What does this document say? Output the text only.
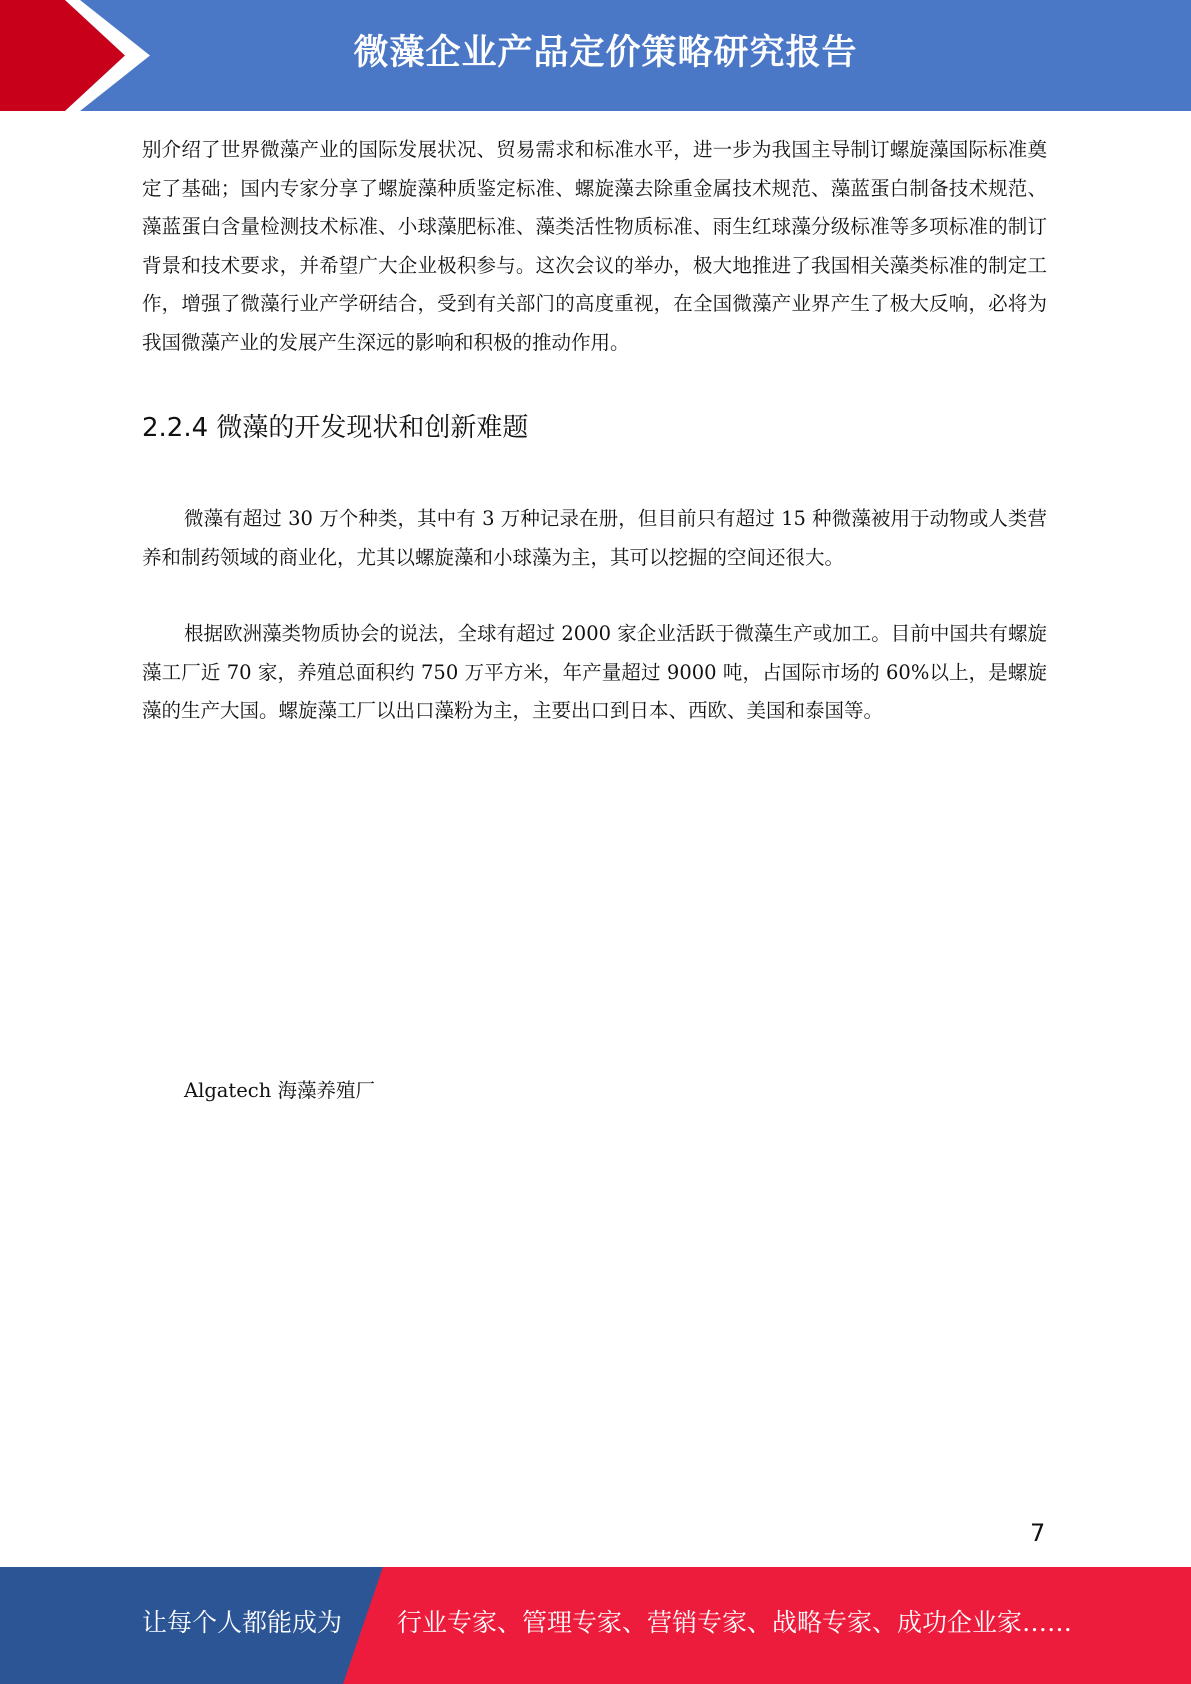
微藻企业产品定价策略研究报告

别介绍了世界微藻产业的国际发展状况、贸易需求和标准水平，进一步为我国主导制订螺旋藻国际标准奠定了基础；国内专家分享了螺旋藻种质鉴定标准、螺旋藻去除重金属技术规范、藻蓝蛋白制备技术规范、藻蓝蛋白含量检测技术标准、小球藻肥标准、藻类活性物质标准、雨生红球藻分级标准等多项标准的制订背景和技术要求，并希望广大企业极积参与。这次会议的举办，极大地推进了我国相关藻类标准的制定工作，增强了微藻行业产学研结合，受到有关部门的高度重视，在全国微藻产业界产生了极大反响，必将为我国微藻产业的发展产生深远的影响和积极的推动作用。

2.2.4 微藻的开发现状和创新难题

微藻有超过 30 万个种类，其中有 3 万种记录在册，但目前只有超过 15 种微藻被用于动物或人类营养和制药领域的商业化，尤其以螺旋藻和小球藻为主，其可以挖掘的空间还很大。

根据欧洲藻类物质协会的说法，全球有超过 2000 家企业活跃于微藻生产或加工。目前中国共有螺旋藻工厂近 70 家，养殖总面积约 750 万平方米，年产量超过 9000 吨，占国际市场的 60%以上，是螺旋藻的生产大国。螺旋藻工厂以出口藻粉为主，主要出口到日本、西欧、美国和泰国等。

Algatech 海藻养殖厂

7
让每个人都能成为 行业专家、管理专家、营销专家、战略专家、成功企业家……
